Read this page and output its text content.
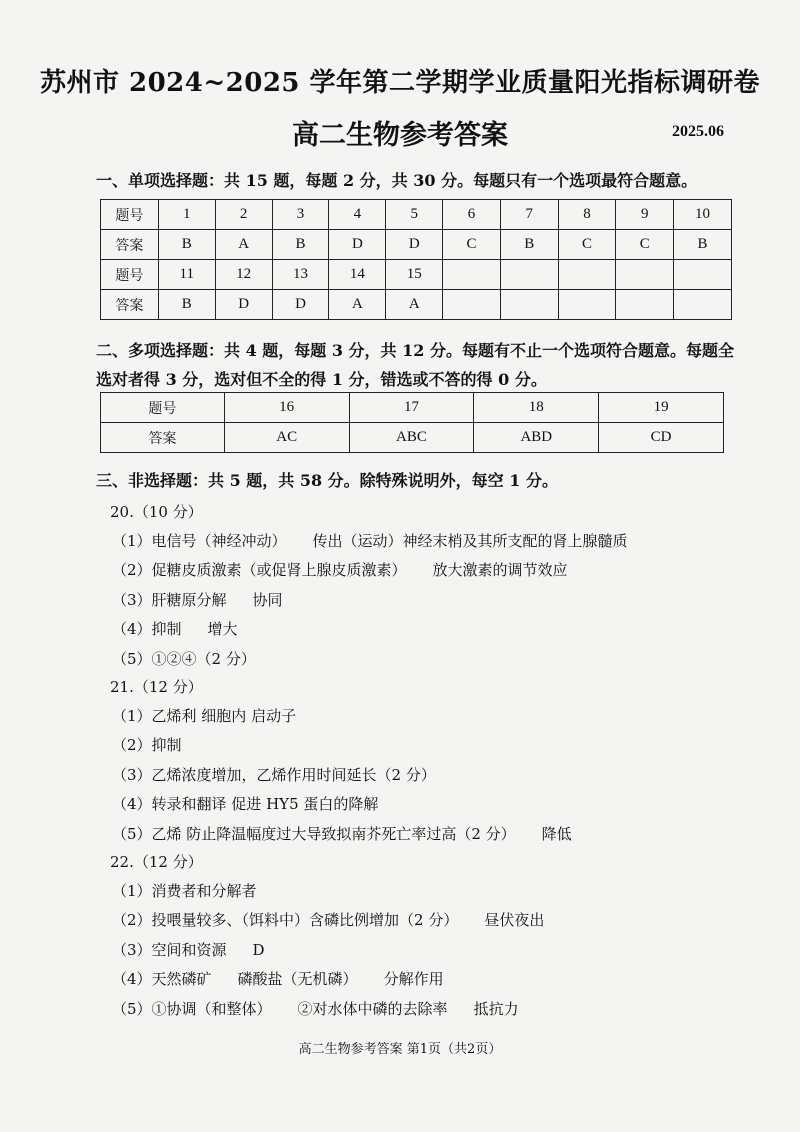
苏州市 2024~2025 学年第二学期学业质量阳光指标调研卷
高二生物参考答案	2025.06
一、单项选择题：共 15 题，每题 2 分，共 30 分。每题只有一个选项最符合题意。
题号	1	2	3	4	5	6	7	8	9	10
答案	B	A	B	D	D	C	B	C	C	B
题号	11	12	13	14	15					
答案	B	D	D	A	A					
二、多项选择题：共 4 题，每题 3 分，共 12 分。每题有不止一个选项符合题意。每题全选对者得 3 分，选对但不全的得 1 分，错选或不答的得 0 分。
题号	16	17	18	19
答案	AC	ABC	ABD	CD
三、非选择题：共 5 题，共 58 分。除特殊说明外，每空 1 分。
20.（10 分）
（1）电信号（神经冲动） 传出（运动）神经末梢及其所支配的肾上腺髓质
（2）促糖皮质激素（或促肾上腺皮质激素） 放大激素的调节效应
（3）肝糖原分解 协同
（4）抑制 增大
（5）①②④（2 分）
21.（12 分）
（1）乙烯利 细胞内 启动子
（2）抑制
（3）乙烯浓度增加，乙烯作用时间延长（2 分）
（4）转录和翻译 促进 HY5 蛋白的降解
（5）乙烯 防止降温幅度过大导致拟南芥死亡率过高（2 分） 降低
22.（12 分）
（1）消费者和分解者
（2）投喂量较多、（饵料中）含磷比例增加（2 分） 昼伏夜出
（3）空间和资源 D
（4）天然磷矿 磷酸盐（无机磷） 分解作用
（5）①协调（和整体） ②对水体中磷的去除率 抵抗力
高二生物参考答案 第1页（共2页）
